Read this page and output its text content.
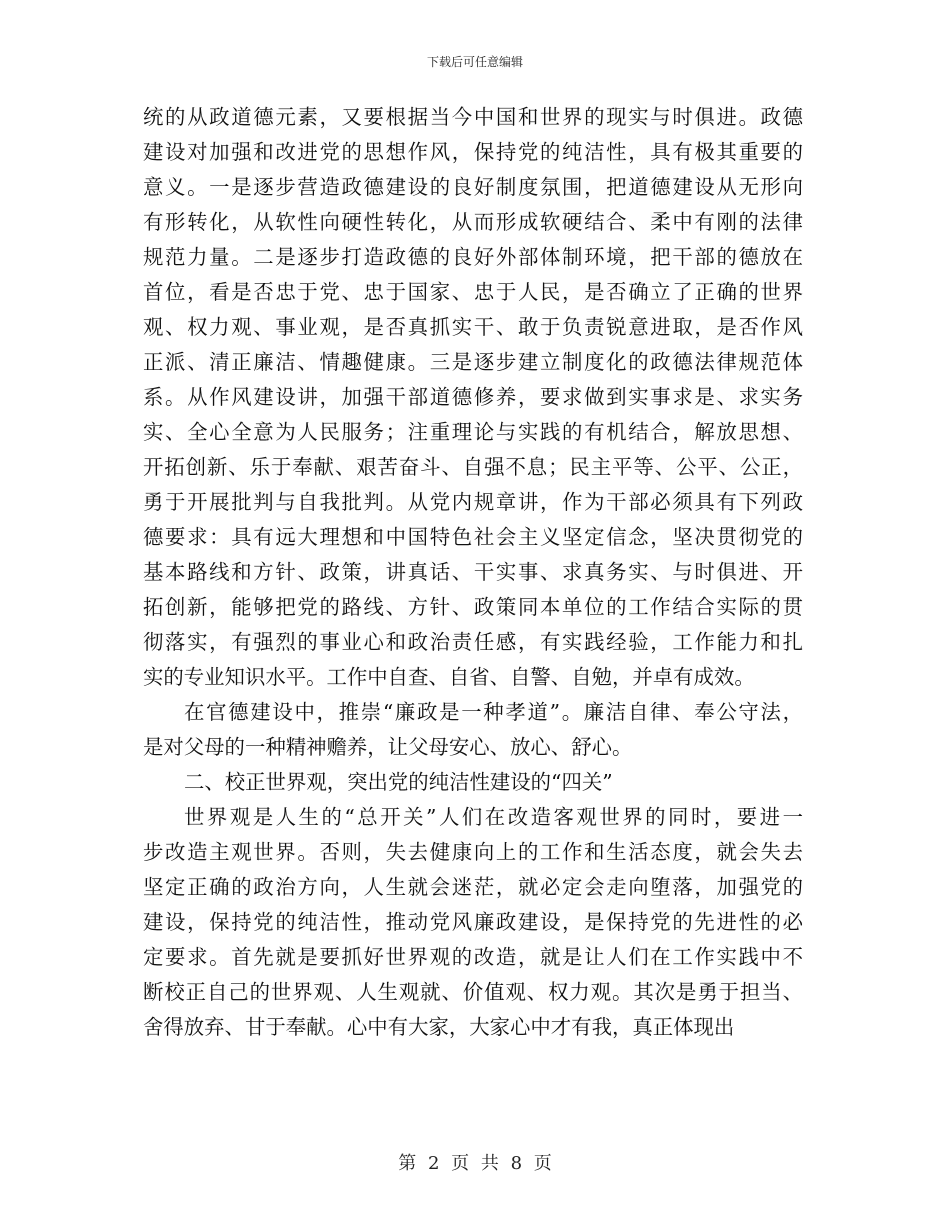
下载后可任意编辑
统的从政道德元素，又要根据当今中国和世界的现实与时俱进。政德
建设对加强和改进党的思想作风，保持党的纯洁性，具有极其重要的
意义。一是逐步营造政德建设的良好制度氛围，把道德建设从无形向
有形转化，从软性向硬性转化，从而形成软硬结合、柔中有刚的法律
规范力量。二是逐步打造政德的良好外部体制环境，把干部的德放在
首位，看是否忠于党、忠于国家、忠于人民，是否确立了正确的世界
观、权力观、事业观，是否真抓实干、敢于负责锐意进取，是否作风
正派、清正廉洁、情趣健康。三是逐步建立制度化的政德法律规范体
系。从作风建设讲，加强干部道德修养，要求做到实事求是、求实务
实、全心全意为人民服务；注重理论与实践的有机结合，解放思想、
开拓创新、乐于奉献、艰苦奋斗、自强不息；民主平等、公平、公正，
勇于开展批判与自我批判。从党内规章讲，作为干部必须具有下列政
德要求：具有远大理想和中国特色社会主义坚定信念，坚决贯彻党的
基本路线和方针、政策，讲真话、干实事、求真务实、与时俱进、开
拓创新，能够把党的路线、方针、政策同本单位的工作结合实际的贯
彻落实，有强烈的事业心和政治责任感，有实践经验，工作能力和扎
实的专业知识水平。工作中自查、自省、自警、自勉，并卓有成效。
在官德建设中，推崇“廉政是一种孝道”。廉洁自律、奉公守法，
是对父母的一种精神赡养，让父母安心、放心、舒心。
二、校正世界观，突出党的纯洁性建设的“四关”
世界观是人生的“总开关”人们在改造客观世界的同时，要进一
步改造主观世界。否则，失去健康向上的工作和生活态度，就会失去
坚定正确的政治方向，人生就会迷茫，就必定会走向堕落，加强党的
建设，保持党的纯洁性，推动党风廉政建设，是保持党的先进性的必
定要求。首先就是要抓好世界观的改造，就是让人们在工作实践中不
断校正自己的世界观、人生观就、价值观、权力观。其次是勇于担当、
舍得放弃、甘于奉献。心中有大家，大家心中才有我，真正体现出
第 2 页 共 8 页
